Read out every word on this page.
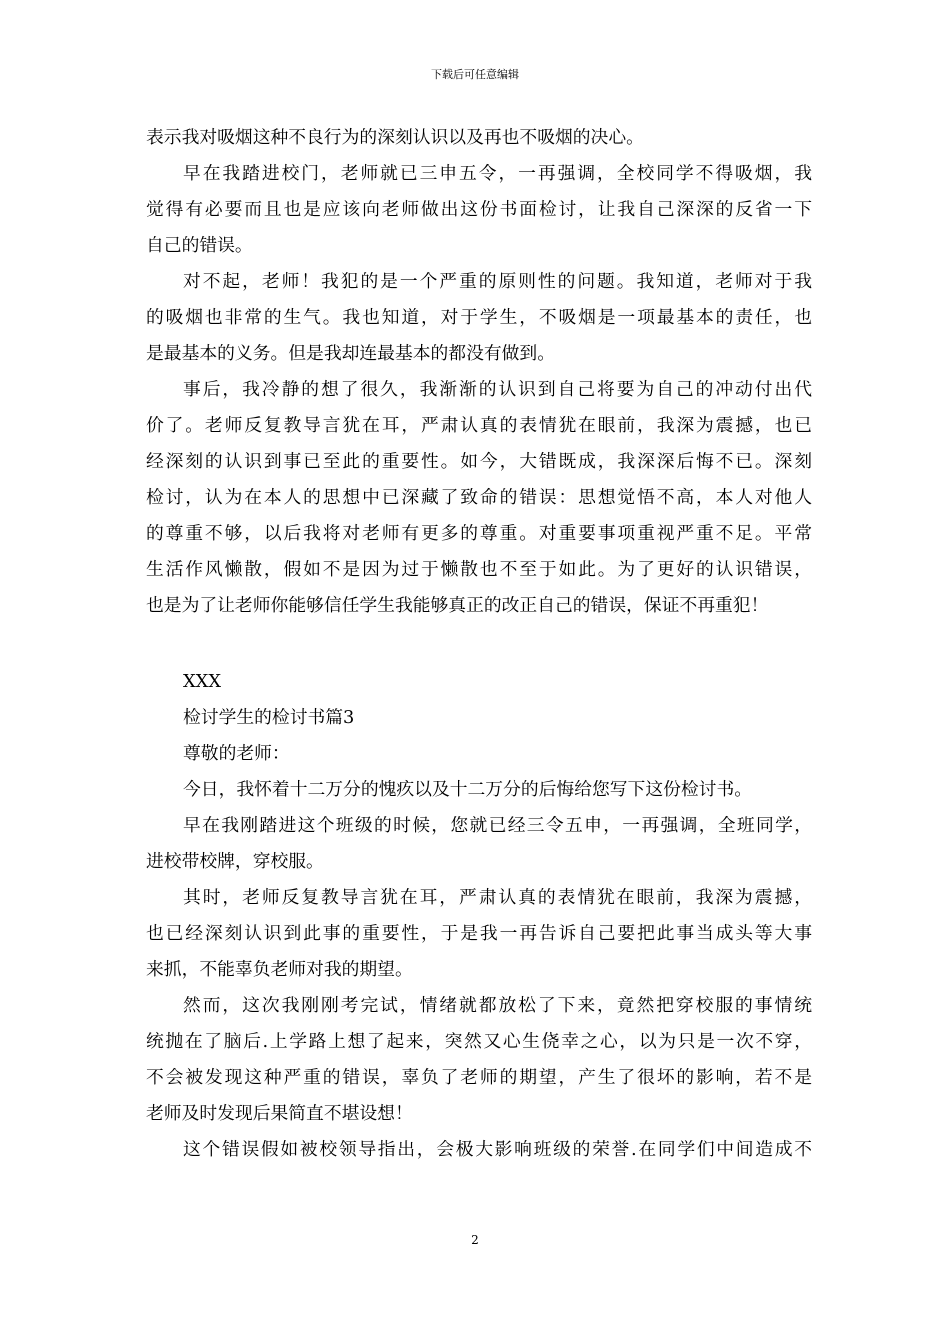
下载后可任意编辑
表示我对吸烟这种不良行为的深刻认识以及再也不吸烟的决心。
早在我踏进校门，老师就已三申五令，一再强调，全校同学不得吸烟，我
觉得有必要而且也是应该向老师做出这份书面检讨，让我自己深深的反省一下
自己的错误。
对不起，老师！我犯的是一个严重的原则性的问题。我知道，老师对于我
的吸烟也非常的生气。我也知道，对于学生，不吸烟是一项最基本的责任，也
是最基本的义务。但是我却连最基本的都没有做到。
事后，我冷静的想了很久，我渐渐的认识到自己将要为自己的冲动付出代
价了。老师反复教导言犹在耳，严肃认真的表情犹在眼前，我深为震撼，也已
经深刻的认识到事已至此的重要性。如今，大错既成，我深深后悔不已。深刻
检讨，认为在本人的思想中已深藏了致命的错误：思想觉悟不高，本人对他人
的尊重不够，以后我将对老师有更多的尊重。对重要事项重视严重不足。平常
生活作风懒散，假如不是因为过于懒散也不至于如此。为了更好的认识错误，
也是为了让老师你能够信任学生我能够真正的改正自己的错误，保证不再重犯！
XXX
检讨学生的检讨书篇3
尊敬的老师：
今日，我怀着十二万分的愧疚以及十二万分的后悔给您写下这份检讨书。
早在我刚踏进这个班级的时候，您就已经三令五申，一再强调，全班同学，
进校带校牌，穿校服。
其时，老师反复教导言犹在耳，严肃认真的表情犹在眼前，我深为震撼，
也已经深刻认识到此事的重要性，于是我一再告诉自己要把此事当成头等大事
来抓，不能辜负老师对我的期望。
然而，这次我刚刚考完试，情绪就都放松了下来，竟然把穿校服的事情统
统抛在了脑后.上学路上想了起来，突然又心生侥幸之心，以为只是一次不穿，
不会被发现这种严重的错误，辜负了老师的期望，产生了很坏的影响，若不是
老师及时发现后果简直不堪设想！
这个错误假如被校领导指出，会极大影响班级的荣誉.在同学们中间造成不
2
